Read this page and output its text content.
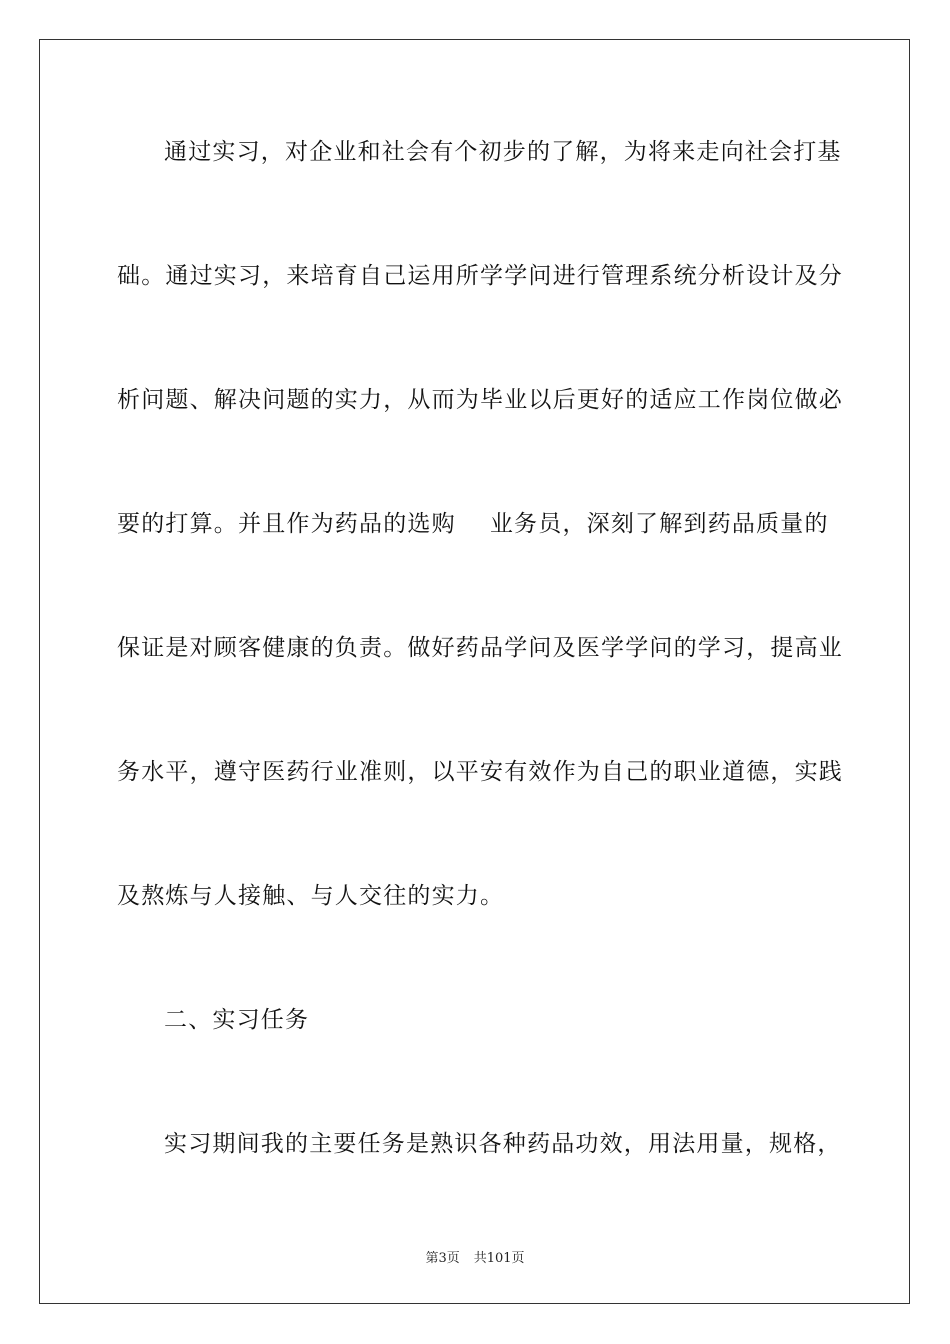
通过实习，对企业和社会有个初步的了解，为将来走向社会打基
础。通过实习，来培育自己运用所学学问进行管理系统分析设计及分
析问题、解决问题的实力，从而为毕业以后更好的适应工作岗位做必
要的打算。并且作为药品的选购    业务员，深刻了解到药品质量的
保证是对顾客健康的负责。做好药品学问及医学学问的学习，提高业
务水平，遵守医药行业准则，以平安有效作为自己的职业道德，实践
及熬炼与人接触、与人交往的实力。
二、实习任务
实习期间我的主要任务是熟识各种药品功效，用法用量，规格，
第3页 共101页
